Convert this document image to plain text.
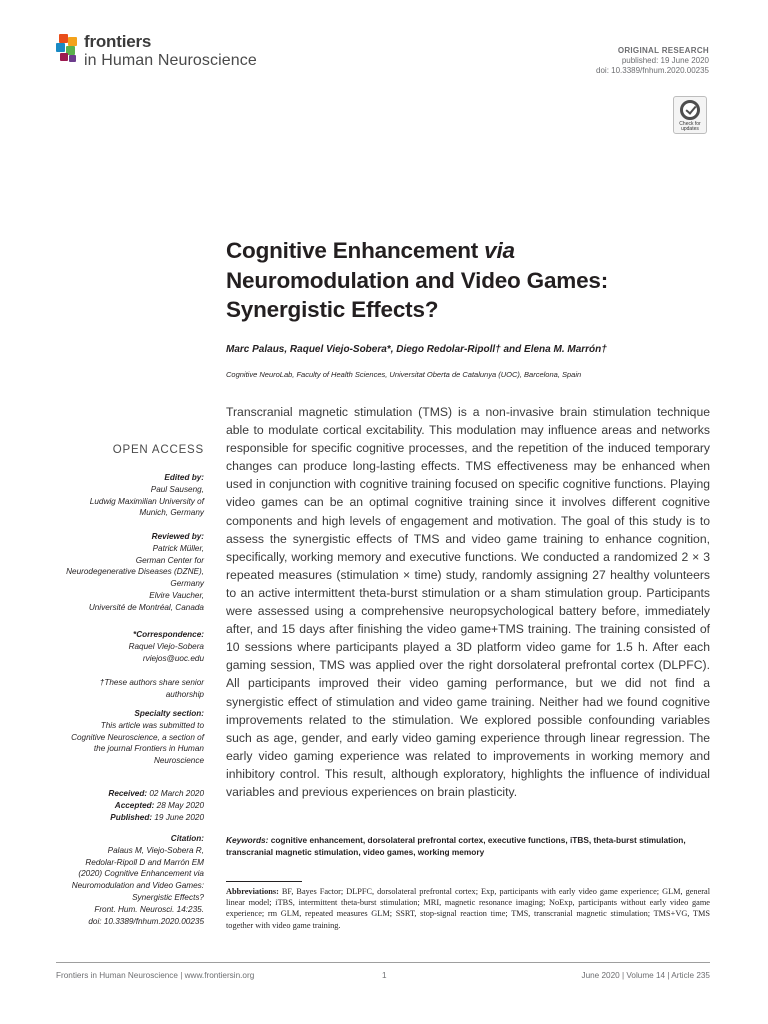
frontiers
in Human Neuroscience
ORIGINAL RESEARCH
published: 19 June 2020
doi: 10.3389/fnhum.2020.00235
Check for
updates
Cognitive Enhancement via
Neuromodulation and Video Games:
Synergistic Effects?
Marc Palaus, Raquel Viejo-Sobera*, Diego Redolar-Ripoll† and Elena M. Marrón†
Cognitive NeuroLab, Faculty of Health Sciences, Universitat Oberta de Catalunya (UOC), Barcelona, Spain
Transcranial magnetic stimulation (TMS) is a non-invasive brain stimulation technique able to modulate cortical excitability. This modulation may influence areas and networks responsible for specific cognitive processes, and the repetition of the induced temporary changes can produce long-lasting effects. TMS effectiveness may be enhanced when used in conjunction with cognitive training focused on specific cognitive functions. Playing video games can be an optimal cognitive training since it involves different cognitive components and high levels of engagement and motivation. The goal of this study is to assess the synergistic effects of TMS and video game training to enhance cognition, specifically, working memory and executive functions. We conducted a randomized 2 × 3 repeated measures (stimulation × time) study, randomly assigning 27 healthy volunteers to an active intermittent theta-burst stimulation or a sham stimulation group. Participants were assessed using a comprehensive neuropsychological battery before, immediately after, and 15 days after finishing the video game+TMS training. The training consisted of 10 sessions where participants played a 3D platform video game for 1.5 h. After each gaming session, TMS was applied over the right dorsolateral prefrontal cortex (DLPFC). All participants improved their video gaming performance, but we did not find a synergistic effect of stimulation and video game training. Neither had we found cognitive improvements related to the stimulation. We explored possible confounding variables such as age, gender, and early video gaming experience through linear regression. The early video gaming experience was related to improvements in working memory and inhibitory control. This result, although exploratory, highlights the influence of individual variables and previous experiences on brain plasticity.
OPEN ACCESS
Edited by:
Paul Sauseng,
Ludwig Maximilian University of
Munich, Germany
Reviewed by:
Patrick Müller,
German Center for
Neurodegenerative Diseases (DZNE),
Germany
Elvire Vaucher,
Université de Montréal, Canada
*Correspondence:
Raquel Viejo-Sobera
rviejos@uoc.edu
†These authors share senior
authorship
Specialty section:
This article was submitted to
Cognitive Neuroscience, a section of
the journal Frontiers in Human
Neuroscience
Received: 02 March 2020
Accepted: 28 May 2020
Published: 19 June 2020
Citation:
Palaus M, Viejo-Sobera R,
Redolar-Ripoll D and Marrón EM
(2020) Cognitive Enhancement via
Neuromodulation and Video Games:
Synergistic Effects?
Front. Hum. Neurosci. 14:235.
doi: 10.3389/fnhum.2020.00235
Keywords: cognitive enhancement, dorsolateral prefrontal cortex, executive functions, iTBS, theta-burst stimulation, transcranial magnetic stimulation, video games, working memory
Abbreviations: BF, Bayes Factor; DLPFC, dorsolateral prefrontal cortex; Exp, participants with early video game experience; GLM, general linear model; iTBS, intermittent theta-burst stimulation; MRI, magnetic resonance imaging; NoExp, participants without early video game experience; rm GLM, repeated measures GLM; SSRT, stop-signal reaction time; TMS, transcranial magnetic stimulation; TMS+VG, TMS together with video game training.
Frontiers in Human Neuroscience | www.frontiersin.org	1	June 2020 | Volume 14 | Article 235
